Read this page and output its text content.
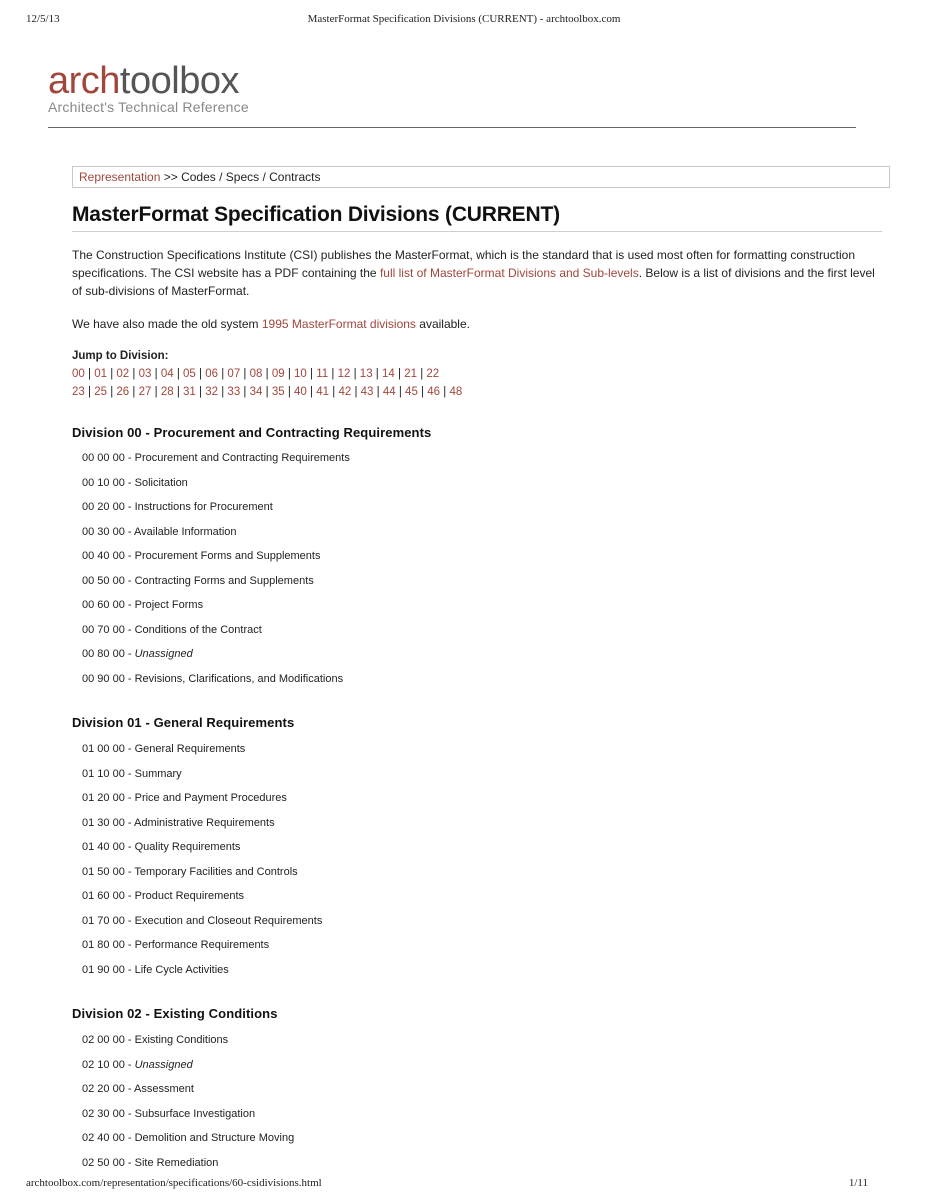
12/5/13	MasterFormat Specification Divisions (CURRENT) - archtoolbox.com
archtoolbox
Architect's Technical Reference
Representation >> Codes / Specs / Contracts
MasterFormat Specification Divisions (CURRENT)

The Construction Specifications Institute (CSI) publishes the MasterFormat, which is the standard that is used most often for formatting construction specifications. The CSI website has a PDF containing the full list of MasterFormat Divisions and Sub-levels. Below is a list of divisions and the first level of sub-divisions of MasterFormat.

We have also made the old system 1995 MasterFormat divisions available.

Jump to Division:
00 | 01 | 02 | 03 | 04 | 05 | 06 | 07 | 08 | 09 | 10 | 11 | 12 | 13 | 14 | 21 | 22
23 | 25 | 26 | 27 | 28 | 31 | 32 | 33 | 34 | 35 | 40 | 41 | 42 | 43 | 44 | 45 | 46 | 48
Division 00 - Procurement and Contracting Requirements
00 00 00 - Procurement and Contracting Requirements
00 10 00 - Solicitation
00 20 00 - Instructions for Procurement
00 30 00 - Available Information
00 40 00 - Procurement Forms and Supplements
00 50 00 - Contracting Forms and Supplements
00 60 00 - Project Forms
00 70 00 - Conditions of the Contract
00 80 00 - Unassigned
00 90 00 - Revisions, Clarifications, and Modifications
Division 01 - General Requirements
01 00 00 - General Requirements
01 10 00 - Summary
01 20 00 - Price and Payment Procedures
01 30 00 - Administrative Requirements
01 40 00 - Quality Requirements
01 50 00 - Temporary Facilities and Controls
01 60 00 - Product Requirements
01 70 00 - Execution and Closeout Requirements
01 80 00 - Performance Requirements
01 90 00 - Life Cycle Activities
Division 02 - Existing Conditions
02 00 00 - Existing Conditions
02 10 00 - Unassigned
02 20 00 - Assessment
02 30 00 - Subsurface Investigation
02 40 00 - Demolition and Structure Moving
02 50 00 - Site Remediation
archtoolbox.com/representation/specifications/60-csidivisions.html	1/11
